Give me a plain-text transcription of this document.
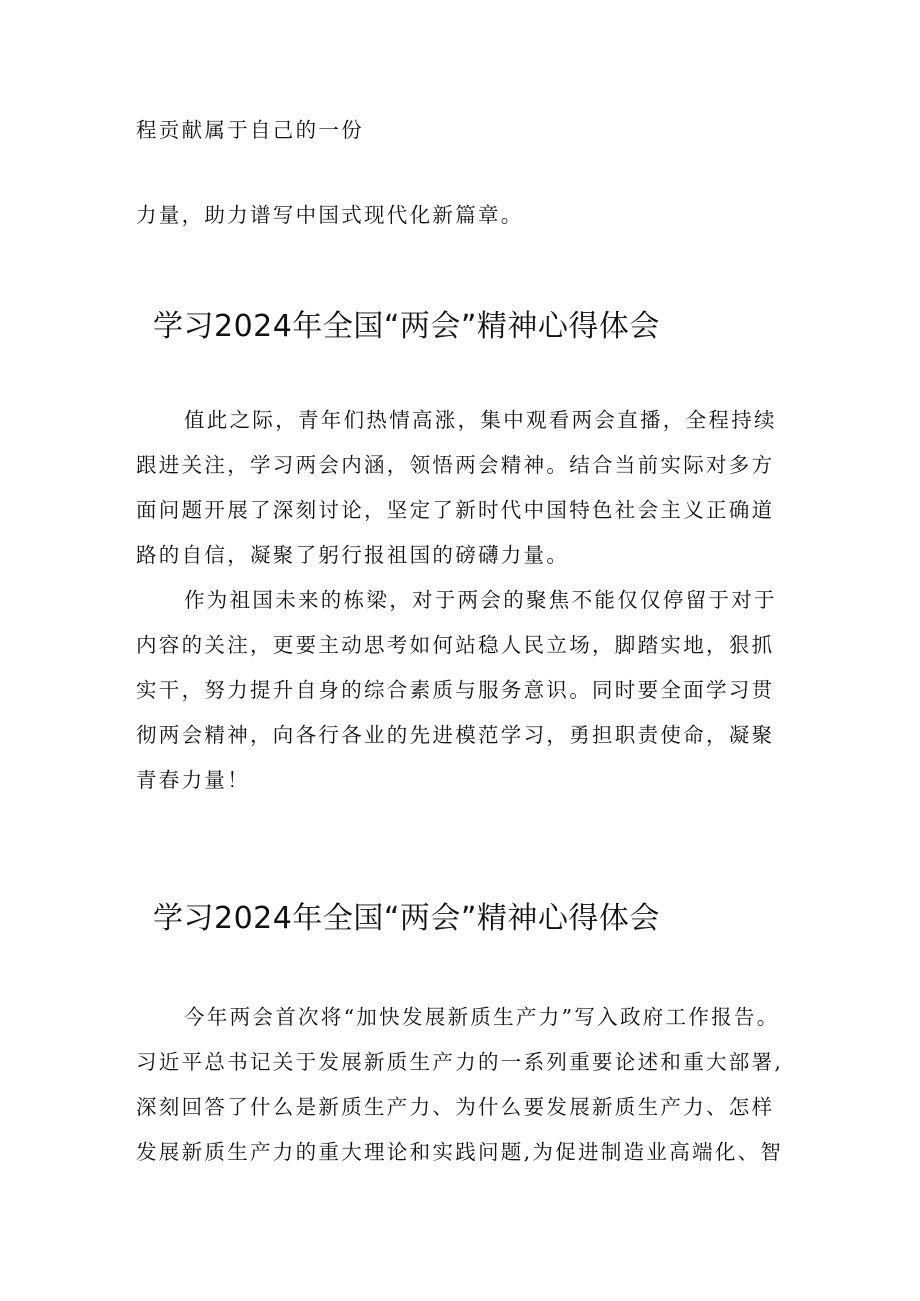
程贡献属于自己的一份

力量，助力谱写中国式现代化新篇章。

学习2024年全国“两会”精神心得体会
值此之际，青年们热情高涨，集中观看两会直播，全程持续
跟进关注，学习两会内涵，领悟两会精神。结合当前实际对多方
面问题开展了深刻讨论，坚定了新时代中国特色社会主义正确道
路的自信，凝聚了躬行报祖国的磅礴力量。
作为祖国未来的栋梁，对于两会的聚焦不能仅仅停留于对于
内容的关注，更要主动思考如何站稳人民立场，脚踏实地，狠抓
实干，努力提升自身的综合素质与服务意识。同时要全面学习贯
彻两会精神，向各行各业的先进模范学习，勇担职责使命，凝聚
青春力量！
学习2024年全国“两会”精神心得体会
今年两会首次将“加快发展新质生产力”写入政府工作报告。
习近平总书记关于发展新质生产力的一系列重要论述和重大部署,
深刻回答了什么是新质生产力、为什么要发展新质生产力、怎样
发展新质生产力的重大理论和实践问题,为促进制造业高端化、智
